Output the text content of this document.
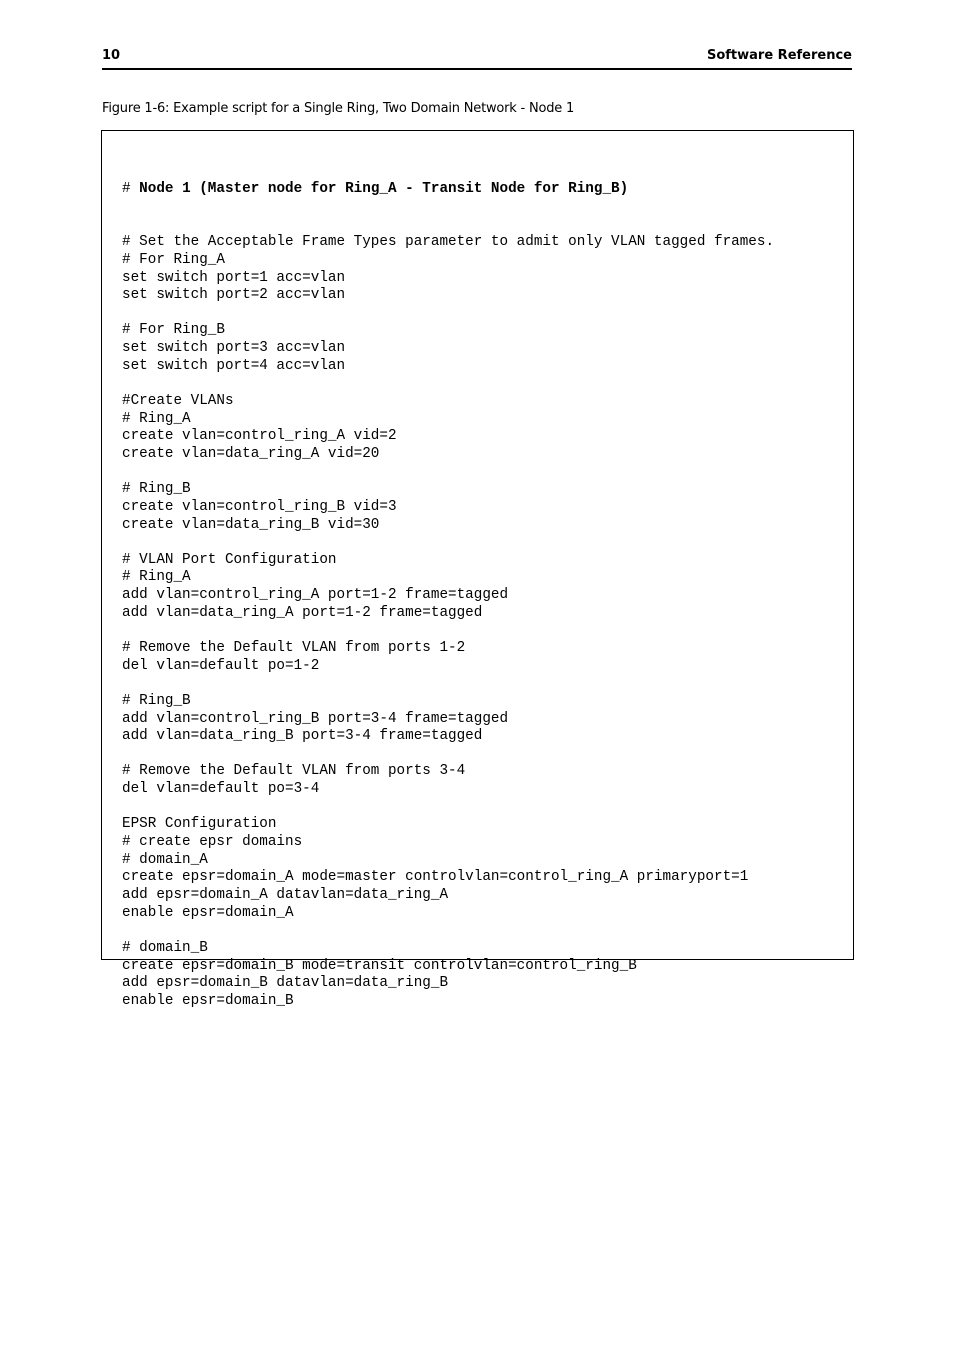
10	Software Reference
Figure 1-6: Example script for a Single Ring, Two Domain Network - Node 1

# Node 1 (Master node for Ring_A - Transit Node for Ring_B)

# Set the Acceptable Frame Types parameter to admit only VLAN tagged frames.
# For Ring_A
set switch port=1 acc=vlan
set switch port=2 acc=vlan
# For Ring_B
set switch port=3 acc=vlan
set switch port=4 acc=vlan
#Create VLANs
# Ring_A
create vlan=control_ring_A vid=2
create vlan=data_ring_A vid=20
# Ring_B
create vlan=control_ring_B vid=3
create vlan=data_ring_B vid=30
# VLAN Port Configuration
# Ring_A
add vlan=control_ring_A port=1-2 frame=tagged
add vlan=data_ring_A port=1-2 frame=tagged
# Remove the Default VLAN from ports 1-2
del vlan=default po=1-2
# Ring_B
add vlan=control_ring_B port=3-4 frame=tagged
add vlan=data_ring_B port=3-4 frame=tagged
# Remove the Default VLAN from ports 3-4
del vlan=default po=3-4
EPSR Configuration
# create epsr domains
# domain_A
create epsr=domain_A mode=master controlvlan=control_ring_A primaryport=1
add epsr=domain_A datavlan=data_ring_A
enable epsr=domain_A
# domain_B
create epsr=domain_B mode=transit controlvlan=control_ring_B
add epsr=domain_B datavlan=data_ring_B
enable epsr=domain_B
